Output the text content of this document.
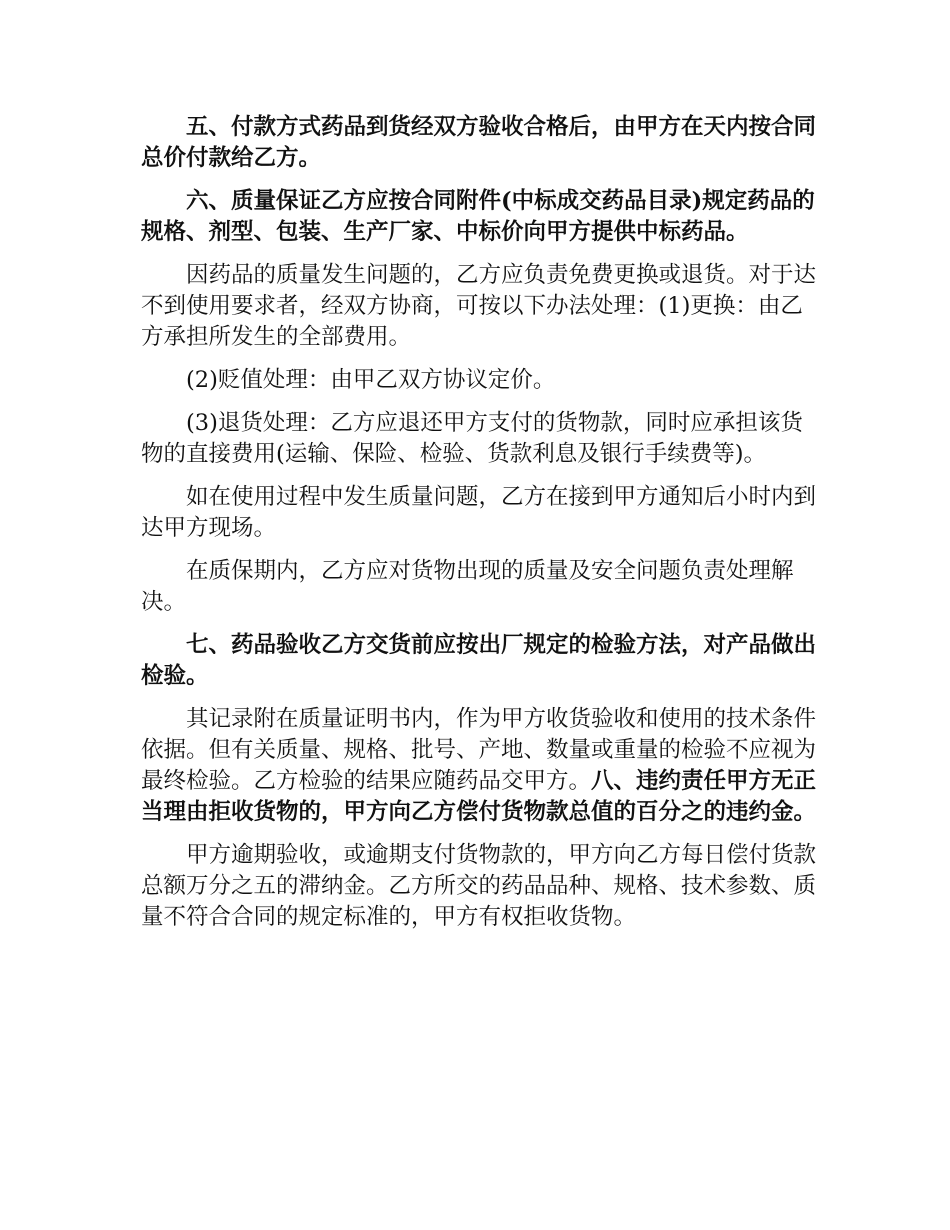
五、付款方式药品到货经双方验收合格后，由甲方在天内按合同总价付款给乙方。

六、质量保证乙方应按合同附件(中标成交药品目录)规定药品的规格、剂型、包装、生产厂家、中标价向甲方提供中标药品。

因药品的质量发生问题的，乙方应负责免费更换或退货。对于达不到使用要求者，经双方协商，可按以下办法处理：(1)更换：由乙方承担所发生的全部费用。

(2)贬值处理：由甲乙双方协议定价。

(3)退货处理：乙方应退还甲方支付的货物款，同时应承担该货物的直接费用(运输、保险、检验、货款利息及银行手续费等)。

如在使用过程中发生质量问题，乙方在接到甲方通知后小时内到达甲方现场。

在质保期内，乙方应对货物出现的质量及安全问题负责处理解决。

七、药品验收乙方交货前应按出厂规定的检验方法，对产品做出检验。

其记录附在质量证明书内，作为甲方收货验收和使用的技术条件依据。但有关质量、规格、批号、产地、数量或重量的检验不应视为最终检验。乙方检验的结果应随药品交甲方。八、违约责任甲方无正当理由拒收货物的，甲方向乙方偿付货物款总值的百分之的违约金。

甲方逾期验收，或逾期支付货物款的，甲方向乙方每日偿付货款总额万分之五的滞纳金。乙方所交的药品品种、规格、技术参数、质量不符合合同的规定标准的，甲方有权拒收货物。
